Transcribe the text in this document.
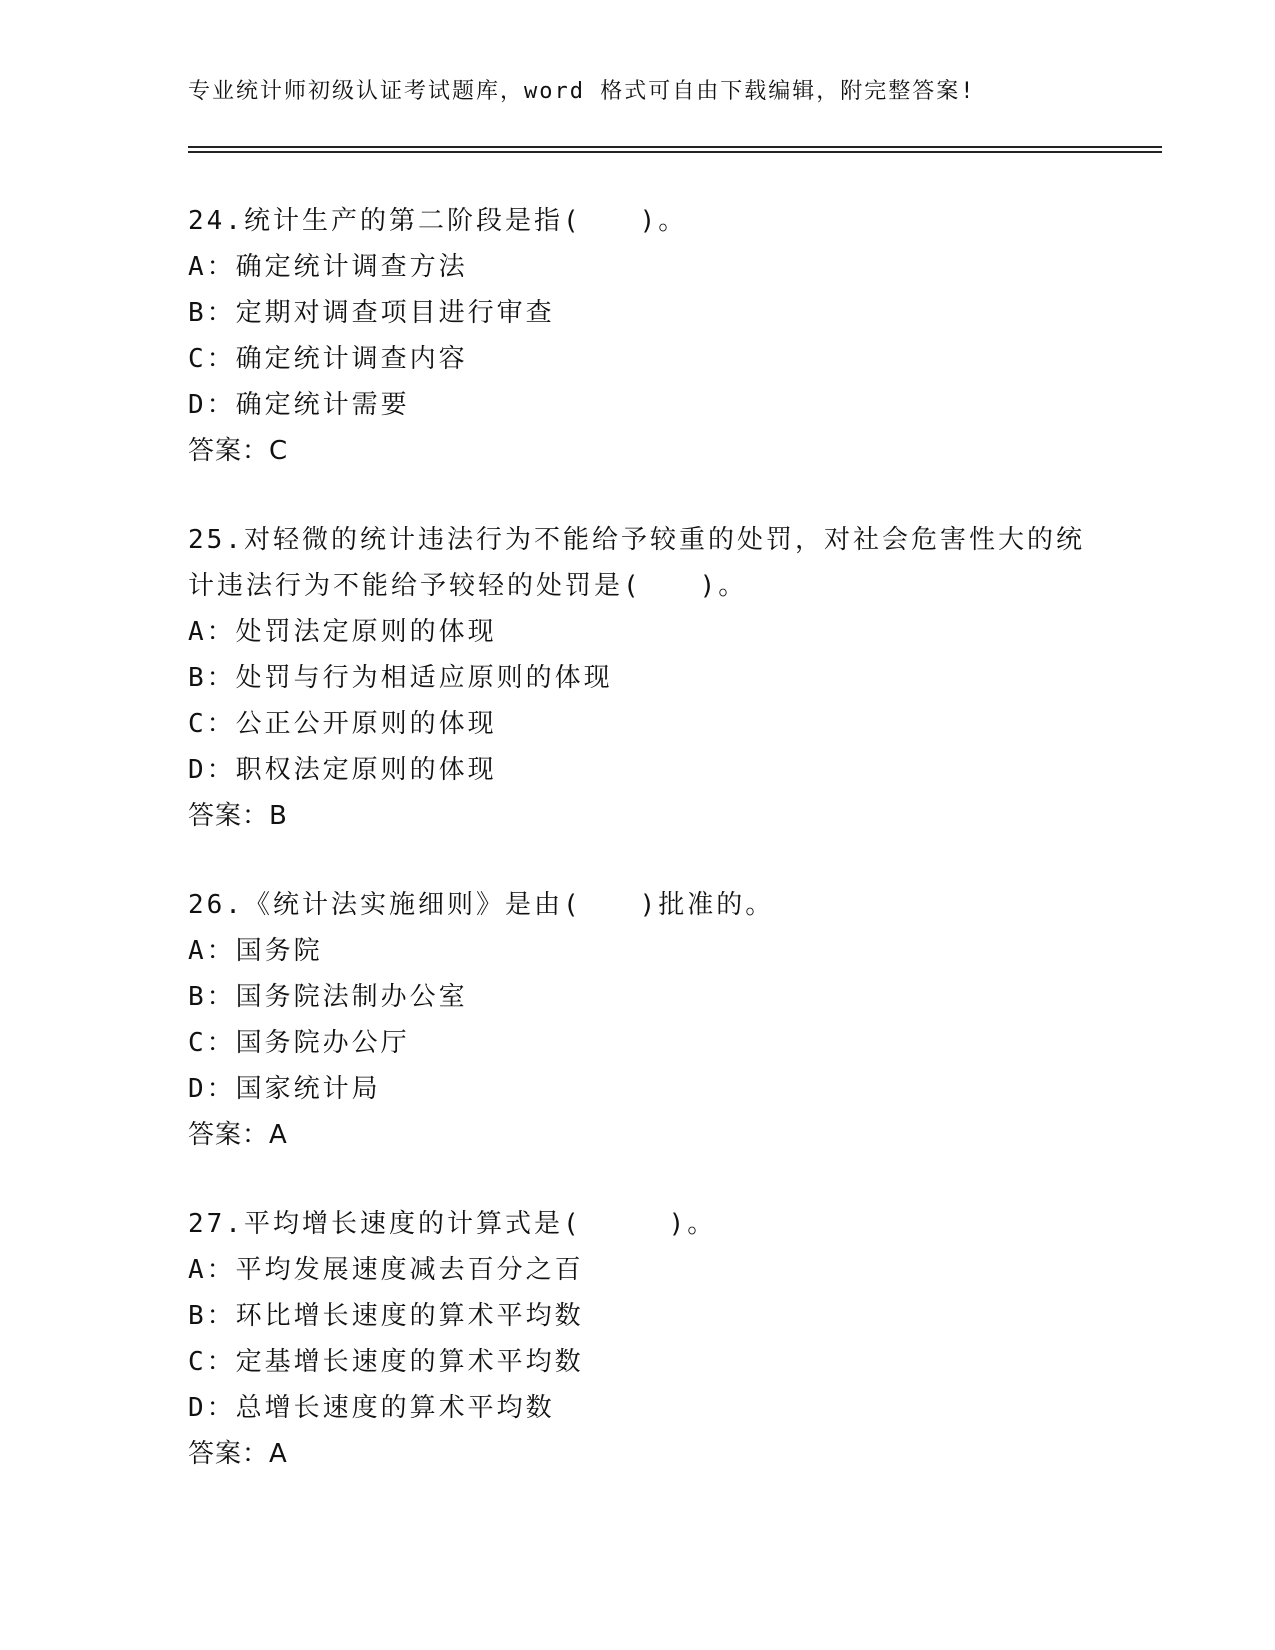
专业统计师初级认证考试题库，word 格式可自由下载编辑，附完整答案!
24.统计生产的第二阶段是指(　　)。
A：确定统计调查方法
B：定期对调查项目进行审查
C：确定统计调查内容
D：确定统计需要
答案：C
25.对轻微的统计违法行为不能给予较重的处罚，对社会危害性大的统
计违法行为不能给予较轻的处罚是(　　)。
A：处罚法定原则的体现
B：处罚与行为相适应原则的体现
C：公正公开原则的体现
D：职权法定原则的体现
答案：B
26.《统计法实施细则》是由(　　)批准的。
A：国务院
B：国务院法制办公室
C：国务院办公厅
D：国家统计局
答案：A
27.平均增长速度的计算式是(　　　)。
A：平均发展速度减去百分之百
B：环比增长速度的算术平均数
C：定基增长速度的算术平均数
D：总增长速度的算术平均数
答案：A
